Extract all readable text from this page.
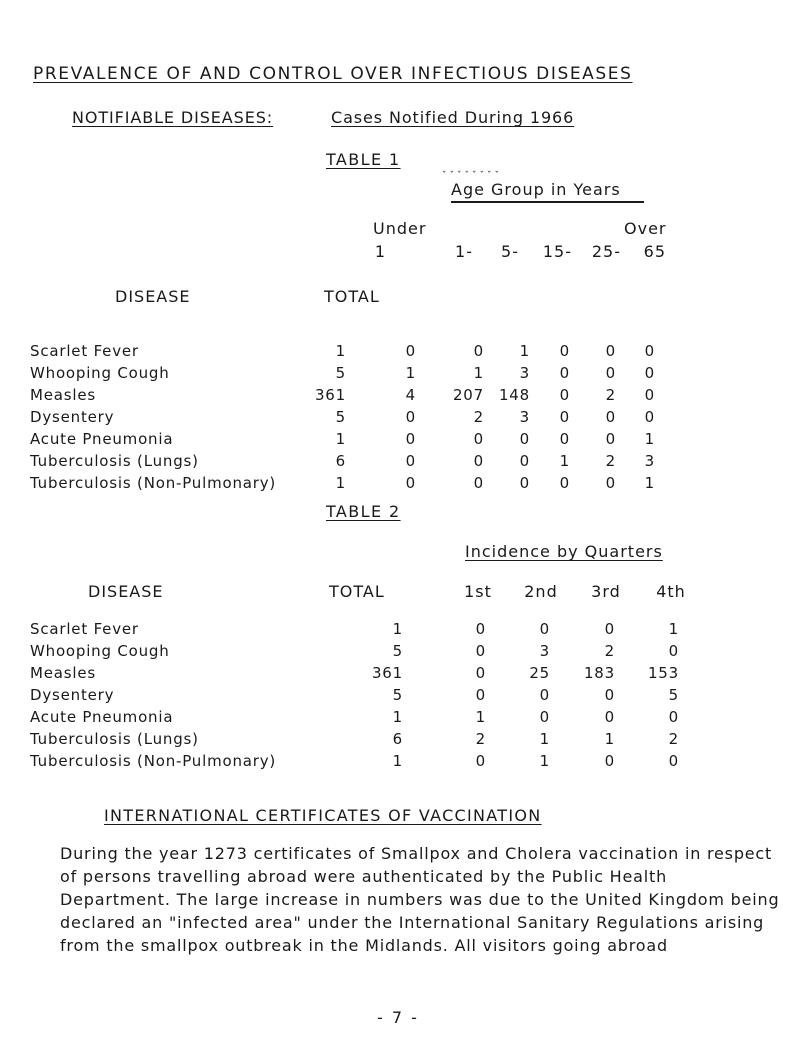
PREVALENCE OF AND CONTROL OVER INFECTIOUS DISEASES
NOTIFIABLE DISEASES:	Cases Notified During 1966
TABLE 1
ˇˇˇˇˇˇˇˇ
Age Group in Years
DISEASE	TOTAL
Under	Over
1	1-	5-	15-	25-	65
Scarlet Fever	1	0	0	1	0	0	0
Whooping Cough	5	1	1	3	0	0	0
Measles	361	4	207 148	0	2	0
Dysentery	5	0	2	3	0	0	0
Acute Pneumonia	1	0	0	0	0	0	1
Tuberculosis (Lungs)	6	0	0	0	1	2	3
Tuberculosis (Non-Pulmonary)	1	0	0	0	0	0	1
TABLE 2
Incidence by Quarters
DISEASE	TOTAL	1st	2nd	3rd	4th
Scarlet Fever	1	0	0	0	1
Whooping Cough	5	0	3	2	0
Measles	361	0	25	183	153
Dysentery	5	0	0	0	5
Acute Pneumonia	1	1	0	0	0
Tuberculosis (Lungs)	6	2	1	1	2
Tuberculosis (Non-Pulmonary)	1	0	1	0	0
INTERNATIONAL CERTIFICATES OF VACCINATION
During the year 1273 certificates of Smallpox and Cholera vaccination in respect of persons travelling abroad were authenticated by the Public Health Department. The large increase in numbers was due to the United Kingdom being declared an "infected area" under the International Sanitary Regulations arising from the smallpox outbreak in the Midlands. All visitors going abroad
- 7 -
